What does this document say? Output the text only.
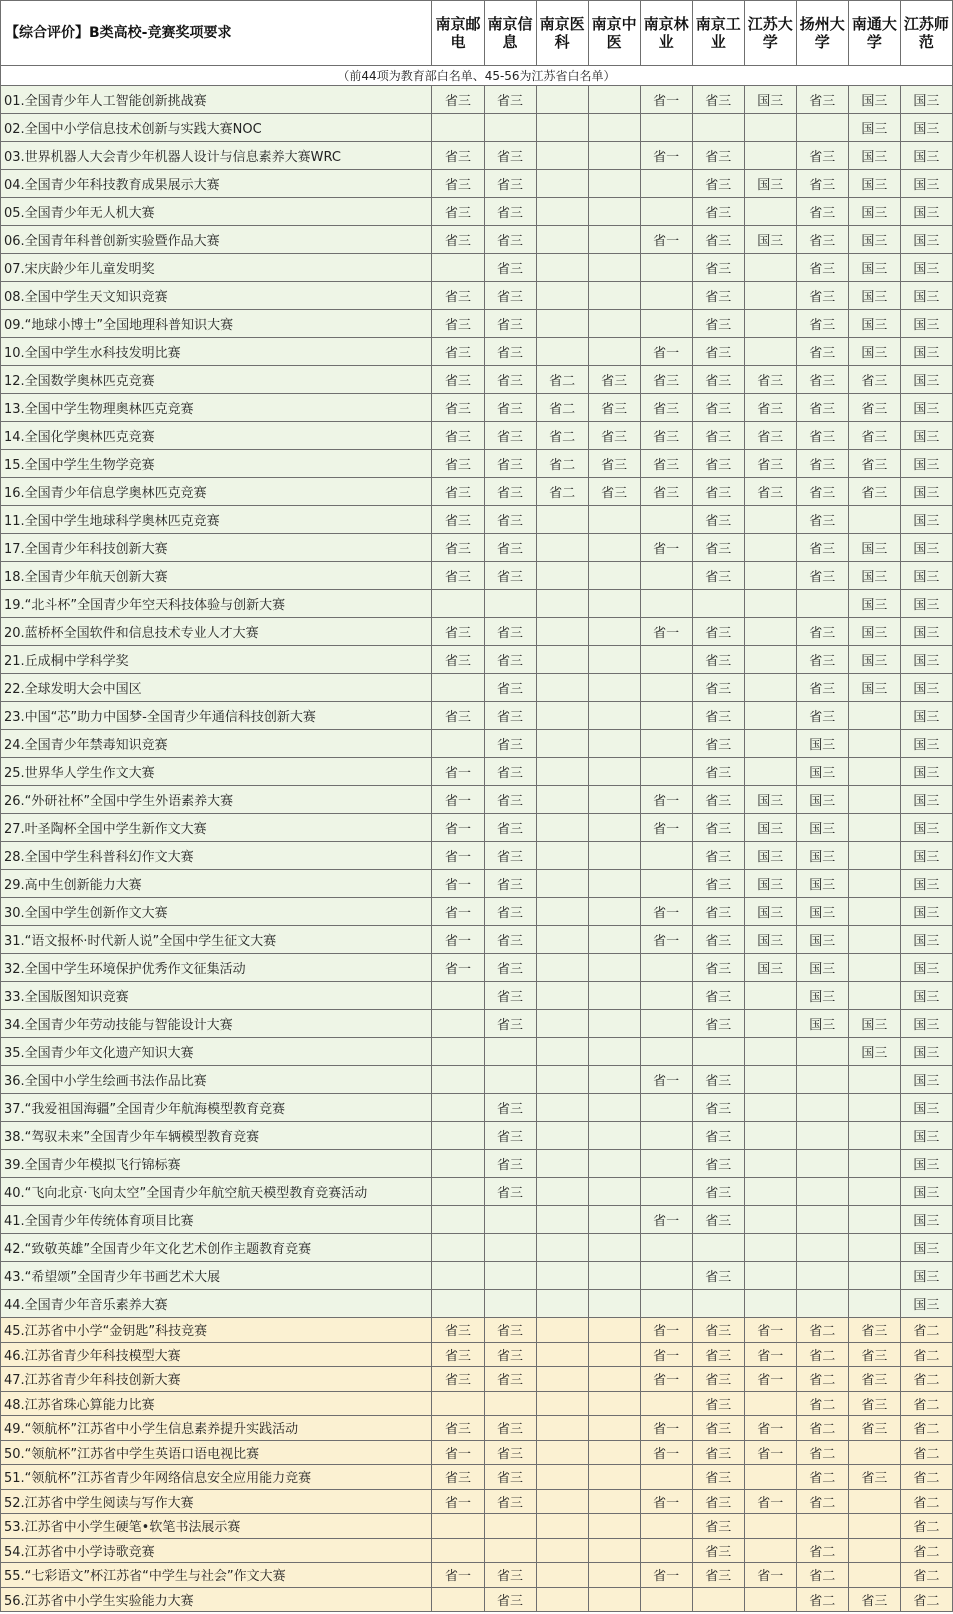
【综合评价】B类高校-竞赛奖项要求	南京邮电	南京信息	南京医科	南京中医	南京林业	南京工业	江苏大学	扬州大学	南通大学	江苏师范
（前44项为教育部白名单、45-56为江苏省白名单）										
01.全国青少年人工智能创新挑战赛	省三	省三			省一	省三	国三	省三	国三	国三
02.全国中小学信息技术创新与实践大赛NOC									国三	国三
03.世界机器人大会青少年机器人设计与信息素养大赛WRC	省三	省三			省一	省三		省三	国三	国三
04.全国青少年科技教育成果展示大赛	省三	省三				省三	国三	省三	国三	国三
05.全国青少年无人机大赛	省三	省三				省三		省三	国三	国三
06.全国青年科普创新实验暨作品大赛	省三	省三			省一	省三	国三	省三	国三	国三
07.宋庆龄少年儿童发明奖		省三				省三		省三	国三	国三
08.全国中学生天文知识竞赛	省三	省三				省三		省三	国三	国三
09.“地球小博士”全国地理科普知识大赛	省三	省三				省三		省三	国三	国三
10.全国中学生水科技发明比赛	省三	省三			省一	省三		省三	国三	国三
12.全国数学奥林匹克竞赛	省三	省三	省二	省三	省三	省三	省三	省三	省三	国三
13.全国中学生物理奥林匹克竞赛	省三	省三	省二	省三	省三	省三	省三	省三	省三	国三
14.全国化学奥林匹克竞赛	省三	省三	省二	省三	省三	省三	省三	省三	省三	国三
15.全国中学生生物学竞赛	省三	省三	省二	省三	省三	省三	省三	省三	省三	国三
16.全国青少年信息学奥林匹克竞赛	省三	省三	省二	省三	省三	省三	省三	省三	省三	国三
11.全国中学生地球科学奥林匹克竞赛	省三	省三				省三		省三		国三
17.全国青少年科技创新大赛	省三	省三			省一	省三		省三	国三	国三
18.全国青少年航天创新大赛	省三	省三				省三		省三	国三	国三
19.“北斗杯”全国青少年空天科技体验与创新大赛									国三	国三
20.蓝桥杯全国软件和信息技术专业人才大赛	省三	省三			省一	省三		省三	国三	国三
21.丘成桐中学科学奖	省三	省三				省三		省三	国三	国三
22.全球发明大会中国区		省三				省三		省三	国三	国三
23.中国“芯”助力中国梦-全国青少年通信科技创新大赛	省三	省三				省三		省三		国三
24.全国青少年禁毒知识竞赛		省三				省三		国三		国三
25.世界华人学生作文大赛	省一	省三				省三		国三		国三
26.“外研社杯”全国中学生外语素养大赛	省一	省三			省一	省三	国三	国三		国三
27.叶圣陶杯全国中学生新作文大赛	省一	省三			省一	省三	国三	国三		国三
28.全国中学生科普科幻作文大赛	省一	省三				省三	国三	国三		国三
29.高中生创新能力大赛	省一	省三				省三	国三	国三		国三
30.全国中学生创新作文大赛	省一	省三			省一	省三	国三	国三		国三
31.“语文报杯·时代新人说”全国中学生征文大赛	省一	省三			省一	省三	国三	国三		国三
32.全国中学生环境保护优秀作文征集活动	省一	省三				省三	国三	国三		国三
33.全国版图知识竞赛		省三				省三		国三		国三
34.全国青少年劳动技能与智能设计大赛		省三				省三		国三	国三	国三
35.全国青少年文化遗产知识大赛									国三	国三
36.全国中小学生绘画书法作品比赛					省一	省三				国三
37.“我爱祖国海疆”全国青少年航海模型教育竞赛		省三				省三				国三
38.“驾驭未来”全国青少年车辆模型教育竞赛		省三				省三				国三
39.全国青少年模拟飞行锦标赛		省三				省三				国三
40.“飞向北京·飞向太空”全国青少年航空航天模型教育竞赛活动		省三				省三				国三
41.全国青少年传统体育项目比赛					省一	省三				国三
42.“致敬英雄”全国青少年文化艺术创作主题教育竞赛										国三
43.“希望颂”全国青少年书画艺术大展						省三				国三
44.全国青少年音乐素养大赛										国三
45.江苏省中小学“金钥匙”科技竞赛	省三	省三			省一	省三	省一	省二	省三	省二
46.江苏省青少年科技模型大赛	省三	省三			省一	省三	省一	省二	省三	省二
47.江苏省青少年科技创新大赛	省三	省三			省一	省三	省一	省二	省三	省二
48.江苏省珠心算能力比赛						省三		省二	省三	省二
49.“领航杯”江苏省中小学生信息素养提升实践活动	省三	省三			省一	省三	省一	省二	省三	省二
50.“领航杯”江苏省中学生英语口语电视比赛	省一	省三			省一	省三	省一	省二		省二
51.“领航杯”江苏省青少年网络信息安全应用能力竞赛	省三	省三				省三		省二	省三	省二
52.江苏省中学生阅读与写作大赛	省一	省三			省一	省三	省一	省二		省二
53.江苏省中小学生硬笔•软笔书法展示赛						省三				省二
54.江苏省中小学诗歌竞赛						省三		省二		省二
55.“七彩语文”杯江苏省“中学生与社会”作文大赛	省一	省三			省一	省三	省一	省二		省二
56.江苏省中小学生实验能力大赛		省三						省二	省三	省二
